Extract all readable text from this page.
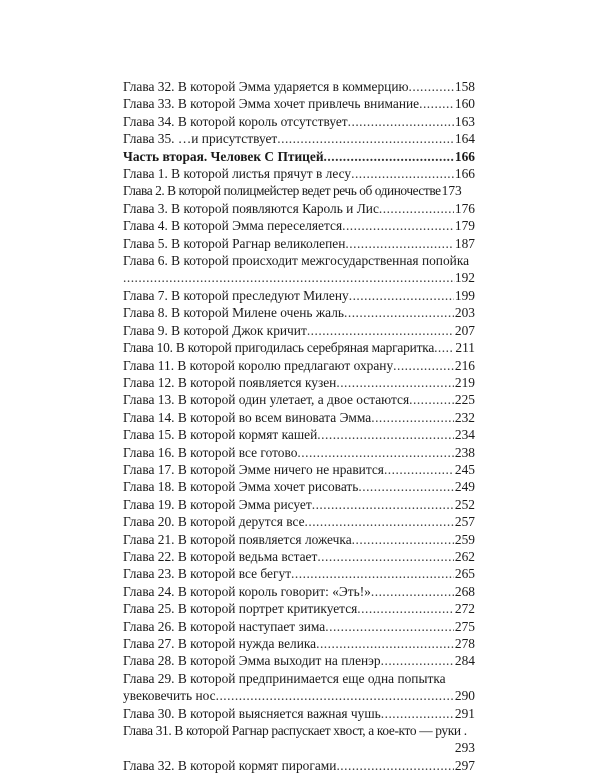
Глава 32. В которой Эмма ударяется в коммерцию .....	158
Глава 33. В которой Эмма хочет привлечь внимание .....	160
Глава 34. В которой король отсутствует .....	163
Глава 35. …и присутствует .....	164
Часть вторая. Человек С Птицей .....	166
Глава 1. В которой листья прячут в лесу .....	166
Глава 2. В которой полицмейстер ведет речь об одиночестве 173
Глава 3. В которой появляются Кароль и Лис .....	176
Глава 4. В которой Эмма переселяется .....	179
Глава 5. В которой Рагнар великолепен .....	187
Глава 6. В которой происходит межгосударственная попойка
.....
192
Глава 7. В которой преследуют Милену .....	199
Глава 8. В которой Милене очень жаль .....	203
Глава 9. В которой Джок кричит .....	207
Глава 10. В которой пригодилась серебряная маргаритка ..... 211
Глава 11. В которой королю предлагают охрану .....	216
Глава 12. В которой появляется кузен .....	219
Глава 13. В которой один улетает, а двое остаются .....	225
Глава 14. В которой во всем виновата Эмма .....	232
Глава 15. В которой кормят кашей .....	234
Глава 16. В которой все готово .....	238
Глава 17. В которой Эмме ничего не нравится .....	245
Глава 18. В которой Эмма хочет рисовать .....	249
Глава 19. В которой Эмма рисует .....	252
Глава 20. В которой дерутся все .....	257
Глава 21. В которой появляется ложечка .....	259
Глава 22. В которой ведьма встает .....	262
Глава 23. В которой все бегут .....	265
Глава 24. В которой король говорит: «Эть!» .....	268
Глава 25. В которой портрет критикуется .....	272
Глава 26. В которой наступает зима .....	275
Глава 27. В которой нужда велика .....	278
Глава 28. В которой Эмма выходит на пленэр .....	284
Глава 29. В которой предпринимается еще одна попытка
увековечить нос .....	290
Глава 30. В которой выясняется важная чушь .....	291
Глава 31. В которой Рагнар распускает хвост, а кое-кто — руки .
293
Глава 32. В которой кормят пирогами .....	297
